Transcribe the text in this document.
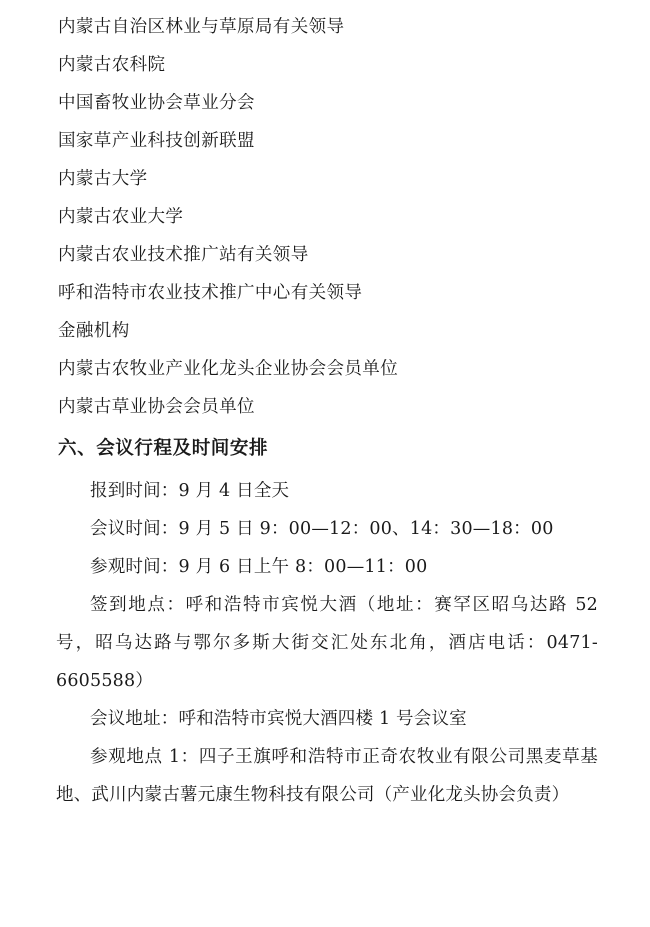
内蒙古自治区林业与草原局有关领导
内蒙古农科院
中国畜牧业协会草业分会
国家草产业科技创新联盟
内蒙古大学
内蒙古农业大学
内蒙古农业技术推广站有关领导
呼和浩特市农业技术推广中心有关领导
金融机构
内蒙古农牧业产业化龙头企业协会会员单位
内蒙古草业协会会员单位
六、会议行程及时间安排
报到时间：9 月 4 日全天
会议时间：9 月 5 日 9：00—12：00、14：30—18：00
参观时间：9 月 6 日上午 8：00—11：00
签到地点：呼和浩特市宾悦大酒（地址：赛罕区昭乌达路 52 号，昭乌达路与鄂尔多斯大街交汇处东北角，酒店电话：0471-6605588）
会议地址：呼和浩特市宾悦大酒四楼 1 号会议室
参观地点 1：四子王旗呼和浩特市正奇农牧业有限公司黑麦草基地、武川内蒙古薯元康生物科技有限公司（产业化龙头协会负责）
